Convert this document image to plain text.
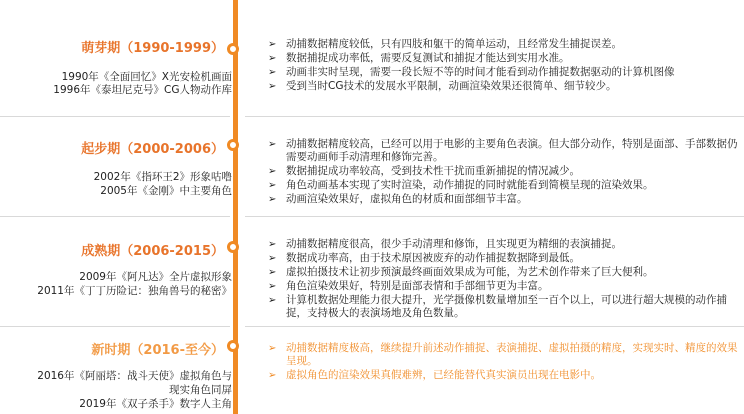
萌芽期（1990-1999）
1990年《全面回忆》X光安检机画面
1996年《泰坦尼克号》CG人物动作库
➢ 动捕数据精度较低，只有四肢和躯干的简单运动，且经常发生捕捉误差。
➢ 数据捕捉成功率低，需要反复测试和捕捉才能达到实用水准。
➢ 动画非实时呈现，需要一段长短不等的时间才能看到动作捕捉数据驱动的计算机图像
➢ 受到当时CG技术的发展水平限制，动画渲染效果还很简单、细节较少。
起步期（2000-2006）
2002年《指环王2》形象咕噜
2005年《金刚》中主要角色
➢ 动捕数据精度较高，已经可以用于电影的主要角色表演。但大部分动作，特别是面部、手部数据仍需要动画师手动清理和修饰完善。
➢ 数据捕捉成功率较高，受到技术性干扰而重新捕捉的情况减少。
➢ 角色动画基本实现了实时渲染，动作捕捉的同时就能看到简模呈现的渲染效果。
➢ 动画渲染效果好，虚拟角色的材质和面部细节丰富。
成熟期（2006-2015）
2009年《阿凡达》全片虚拟形象
2011年《丁丁历险记：独角兽号的秘密》
➢ 动捕数据精度很高，很少手动清理和修饰，且实现更为精细的表演捕捉。
➢ 数据成功率高，由于技术原因被废弃的动作捕捉数据降到最低。
➢ 虚拟拍摄技术让初步预演最终画面效果成为可能，为艺术创作带来了巨大便利。
➢ 角色渲染效果好，特别是面部表情和手部细节更为丰富。
➢ 计算机数据处理能力很大提升，光学摄像机数量增加至一百个以上，可以进行超大规模的动作捕捉，支持极大的表演场地及角色数量。
新时期（2016-至今）
2016年《阿丽塔：战斗天使》虚拟角色与
现实角色同屏
2019年《双子杀手》数字人主角
➢ 动捕数据精度极高，继续提升前述动作捕捉、表演捕捉、虚拟拍摄的精度，实现实时、精度的效果呈现。
➢ 虚拟角色的渲染效果真假难辨，已经能替代真实演员出现在电影中。
